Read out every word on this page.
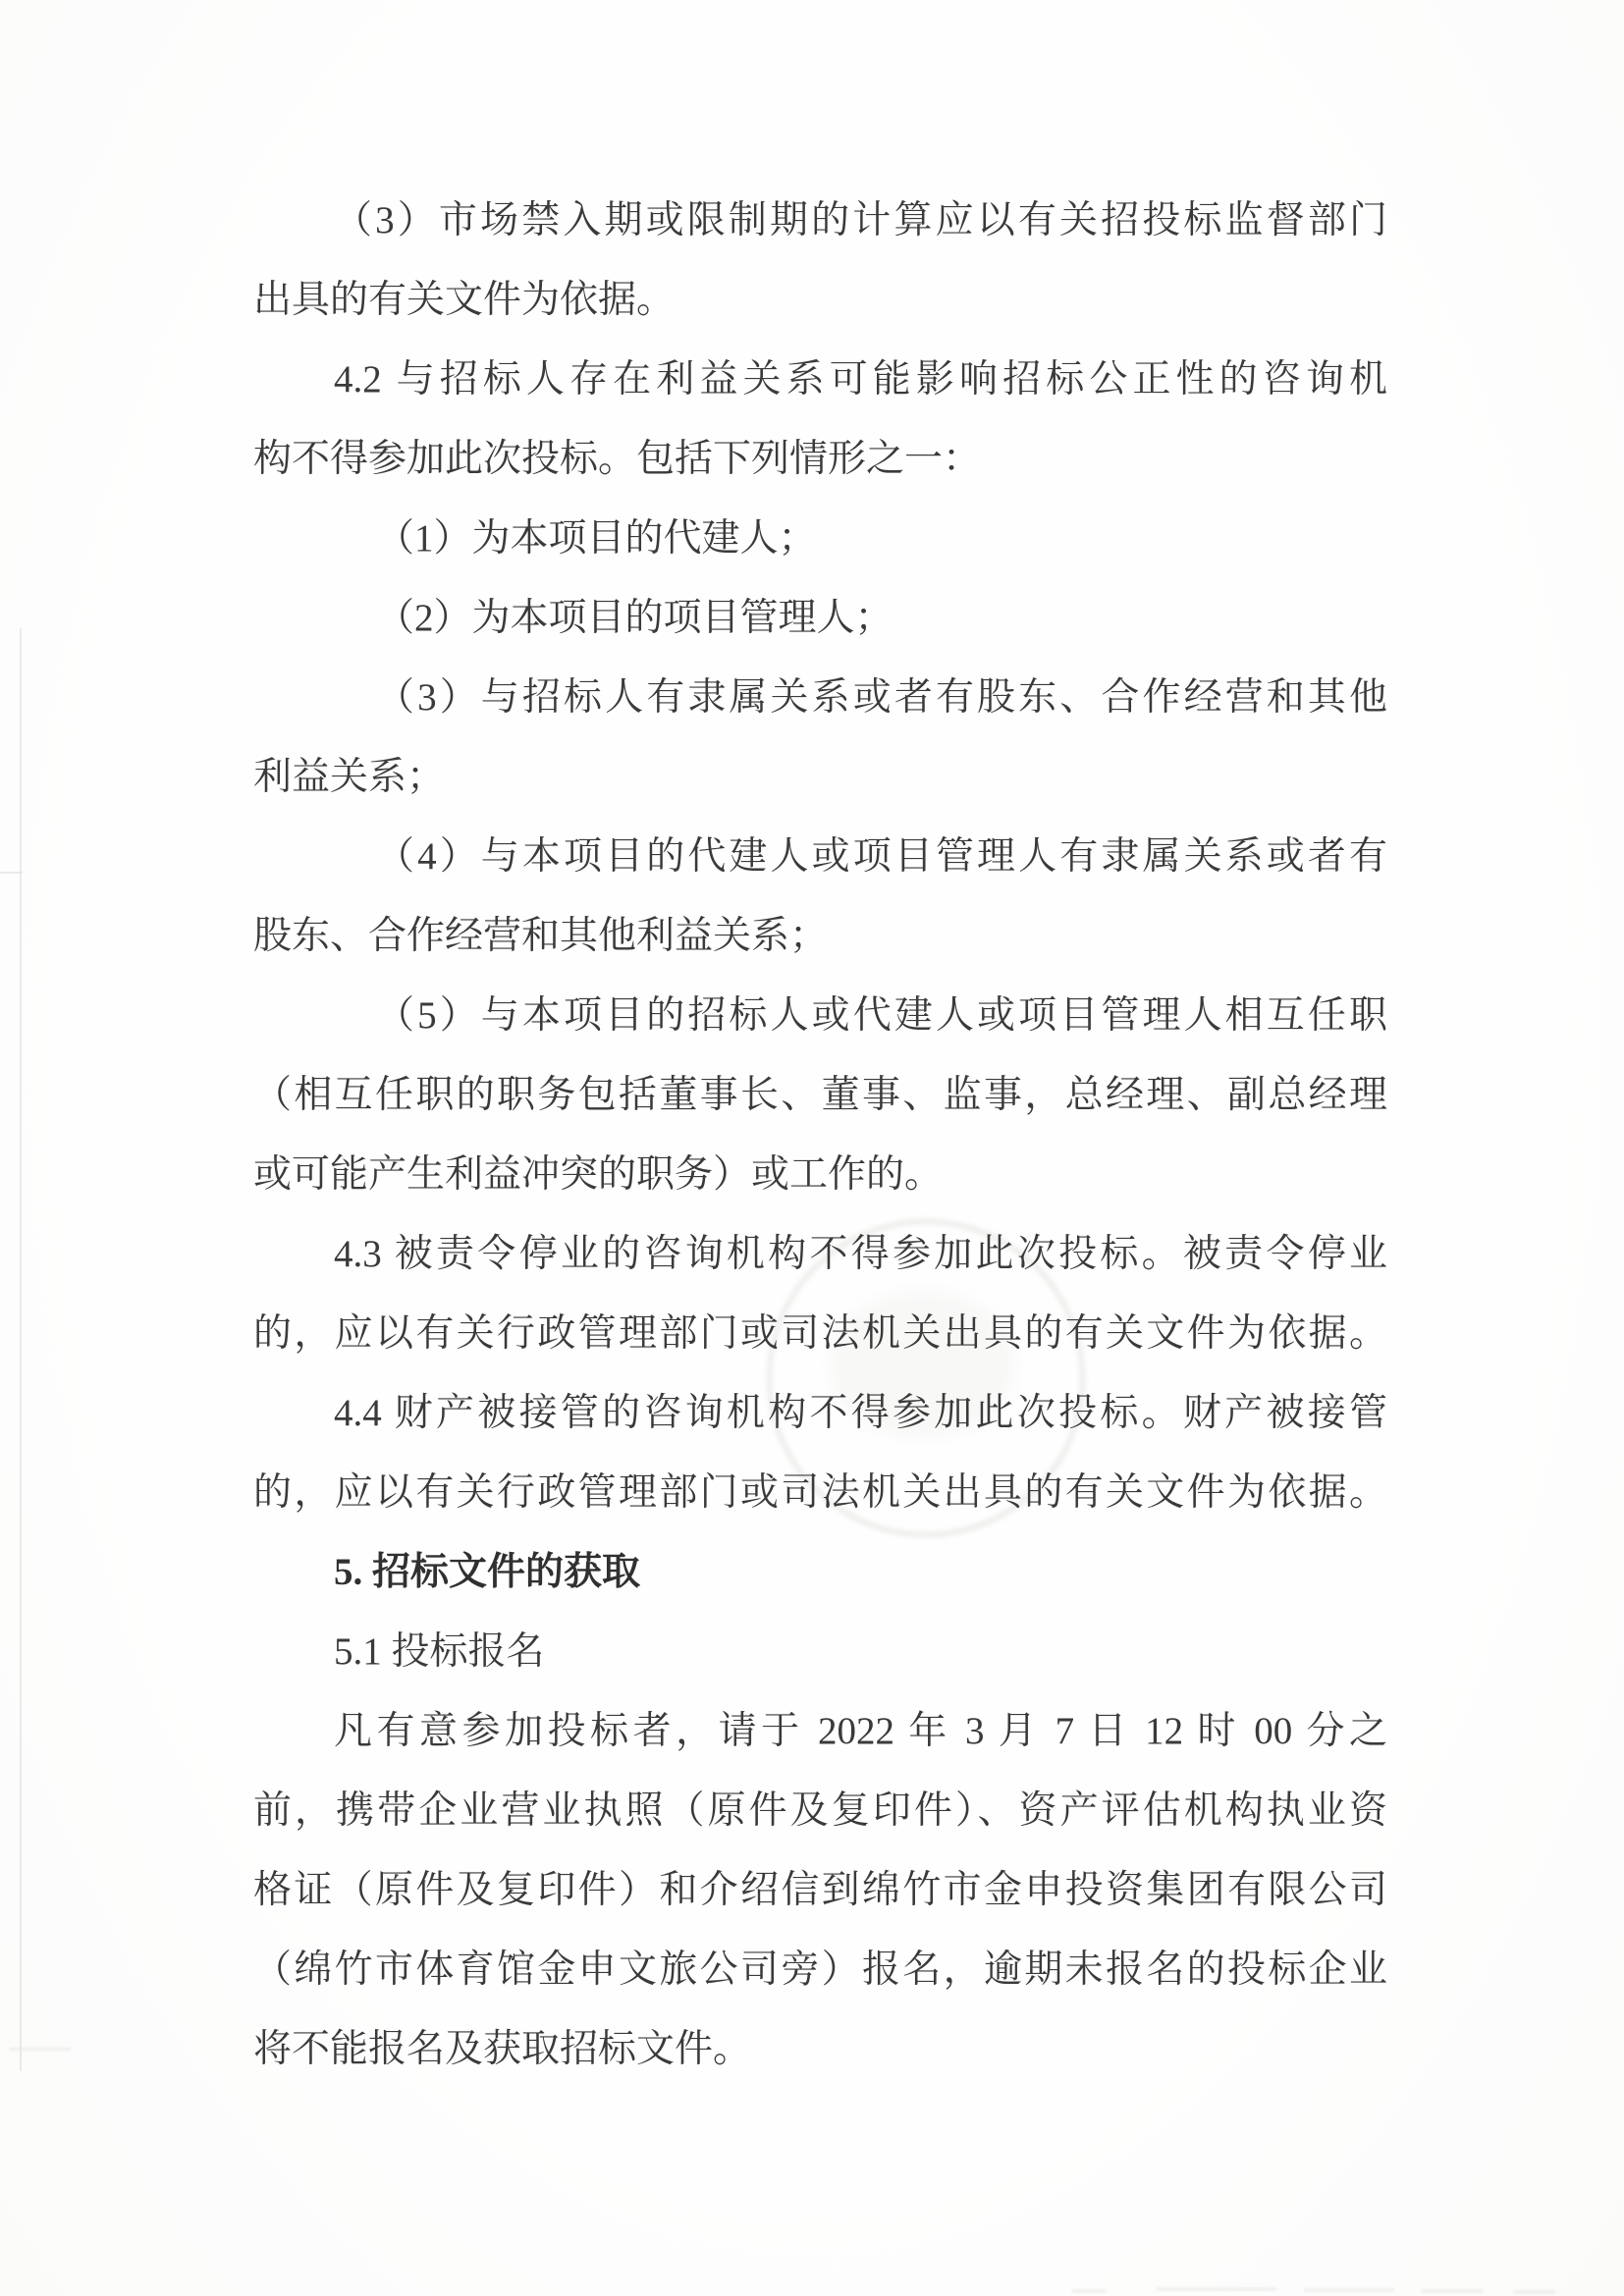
（3）市场禁入期或限制期的计算应以有关招投标监督部门
出具的有关文件为依据。
4.2 与招标人存在利益关系可能影响招标公正性的咨询机
构不得参加此次投标。包括下列情形之一：
（1）为本项目的代建人；
（2）为本项目的项目管理人；
（3）与招标人有隶属关系或者有股东、合作经营和其他
利益关系；
（4）与本项目的代建人或项目管理人有隶属关系或者有
股东、合作经营和其他利益关系；
（5）与本项目的招标人或代建人或项目管理人相互任职
（相互任职的职务包括董事长、董事、监事，总经理、副总经理
或可能产生利益冲突的职务）或工作的。
4.3 被责令停业的咨询机构不得参加此次投标。被责令停业
的，应以有关行政管理部门或司法机关出具的有关文件为依据。
4.4 财产被接管的咨询机构不得参加此次投标。财产被接管
的，应以有关行政管理部门或司法机关出具的有关文件为依据。
5. 招标文件的获取
5.1 投标报名
凡有意参加投标者，请于 2022 年 3 月 7 日 12 时 00 分之
前，携带企业营业执照（原件及复印件）、资产评估机构执业资
格证（原件及复印件）和介绍信到绵竹市金申投资集团有限公司
（绵竹市体育馆金申文旅公司旁）报名，逾期未报名的投标企业
将不能报名及获取招标文件。
